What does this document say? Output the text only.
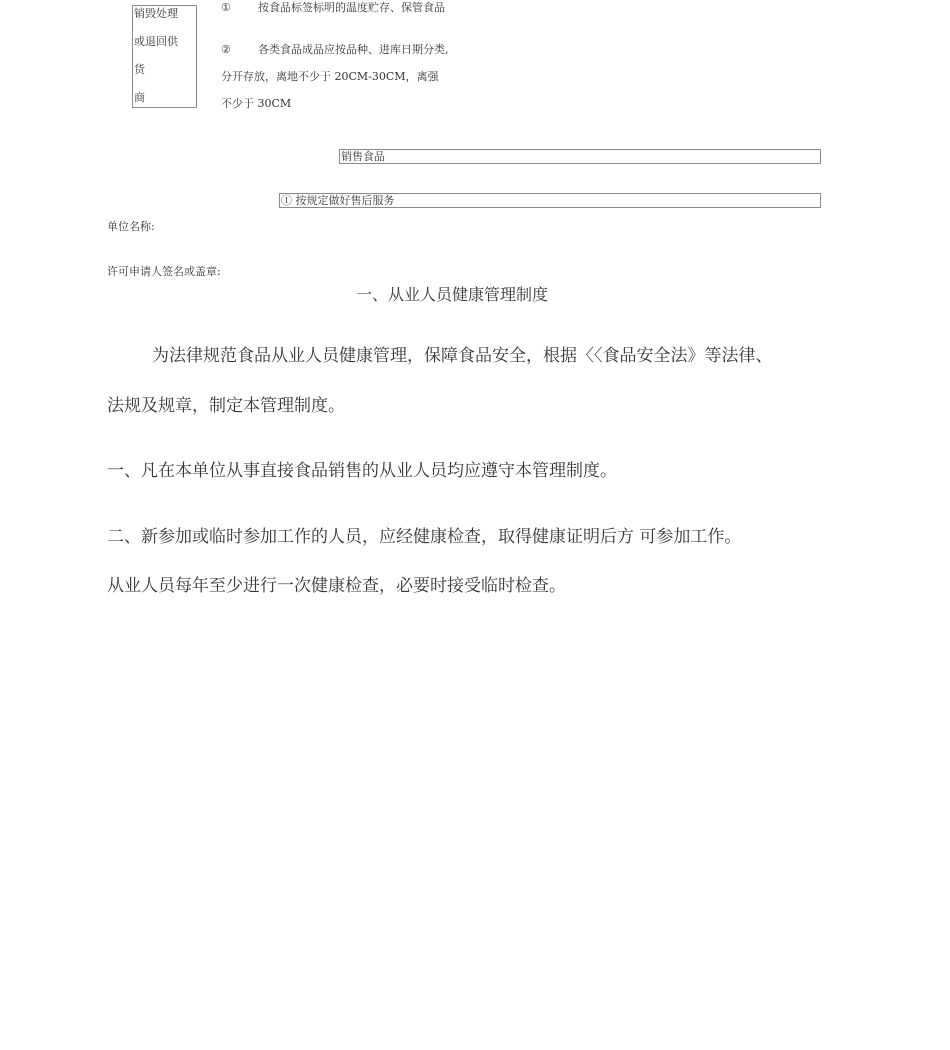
销毁处理
或退回供
货
商
① 按食品标签标明的温度贮存、保管食品
② 各类食品成品应按品种、进库日期分类,
分开存放，离地不少于 20CM-30CM，离强
不少于 30CM
销售食品
① 按规定做好售后服务
单位名称:
许可申请人签名或盖章:
一、从业人员健康管理制度
为法律规范食品从业人员健康管理，保障食品安全，根据〈〈食品安全法》等法律、
法规及规章，制定本管理制度。
一、凡在本单位从事直接食品销售的从业人员均应遵守本管理制度。
二、新参加或临时参加工作的人员，应经健康检查，取得健康证明后方 可参加工作。
从业人员每年至少进行一次健康检查，必要时接受临时检查。
